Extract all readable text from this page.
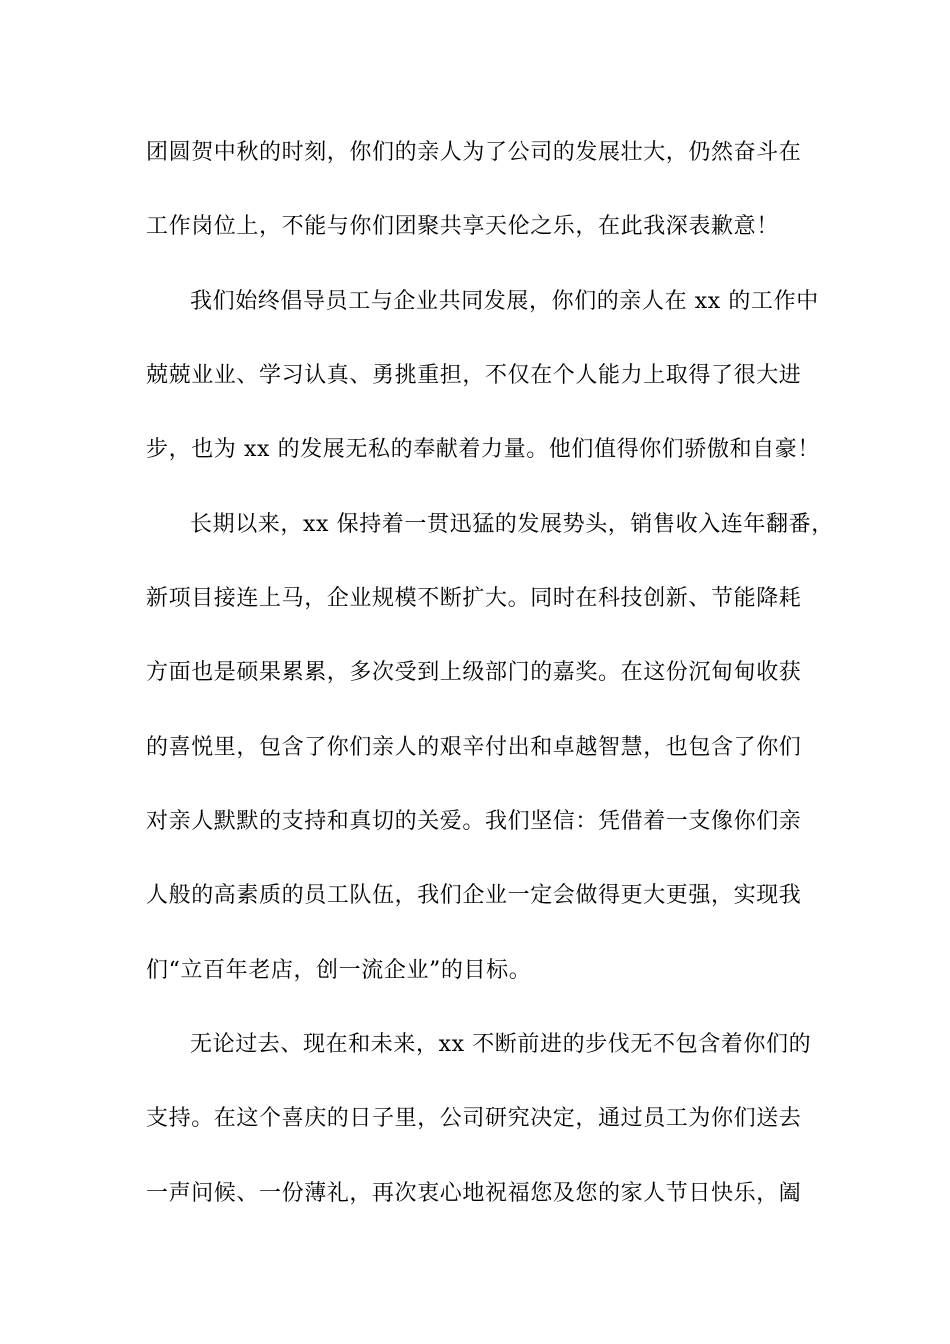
团圆贺中秋的时刻，你们的亲人为了公司的发展壮大，仍然奋斗在
工作岗位上，不能与你们团聚共享天伦之乐，在此我深表歉意！
我们始终倡导员工与企业共同发展，你们的亲人在 xx 的工作中
兢兢业业、学习认真、勇挑重担，不仅在个人能力上取得了很大进
步，也为 xx 的发展无私的奉献着力量。他们值得你们骄傲和自豪！
长期以来，xx 保持着一贯迅猛的发展势头，销售收入连年翻番，
新项目接连上马，企业规模不断扩大。同时在科技创新、节能降耗
方面也是硕果累累，多次受到上级部门的嘉奖。在这份沉甸甸收获
的喜悦里，包含了你们亲人的艰辛付出和卓越智慧，也包含了你们
对亲人默默的支持和真切的关爱。我们坚信：凭借着一支像你们亲
人般的高素质的员工队伍，我们企业一定会做得更大更强，实现我
们“立百年老店，创一流企业”的目标。
无论过去、现在和未来，xx 不断前进的步伐无不包含着你们的
支持。在这个喜庆的日子里，公司研究决定，通过员工为你们送去
一声问候、一份薄礼，再次衷心地祝福您及您的家人节日快乐，阖
